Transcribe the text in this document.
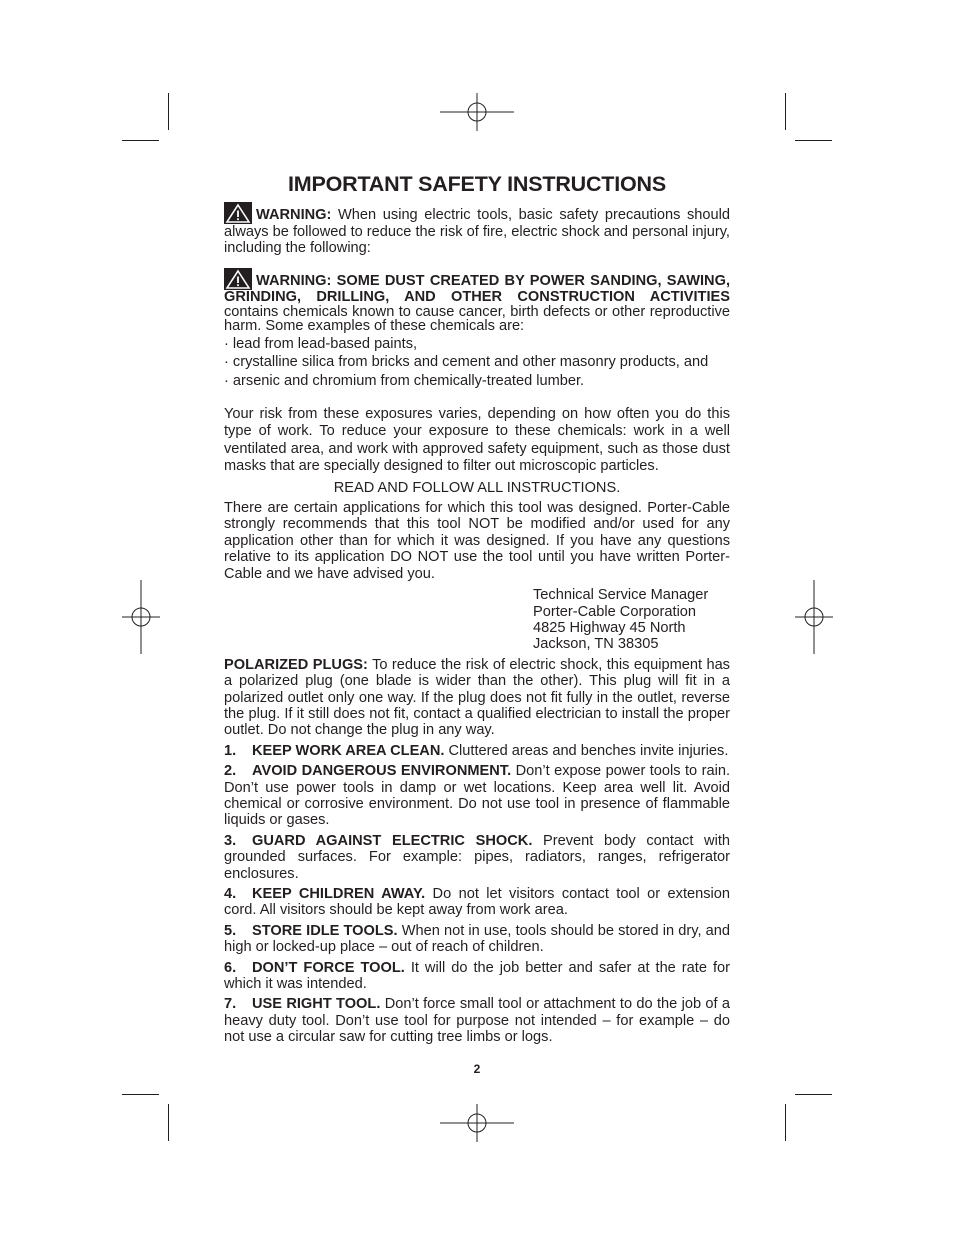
IMPORTANT SAFETY INSTRUCTIONS

WARNING: When using electric tools, basic safety precautions should always be followed to reduce the risk of fire, electric shock and personal injury, including the following:

WARNING: SOME DUST CREATED BY POWER SANDING, SAWING, GRINDING, DRILLING, AND OTHER CONSTRUCTION ACTIVITIES

contains chemicals known to cause cancer, birth defects or other reproductive harm. Some examples of these chemicals are:

· lead from lead-based paints,

· crystalline silica from bricks and cement and other masonry products, and

· arsenic and chromium from chemically-treated lumber.

Your risk from these exposures varies, depending on how often you do this type of work. To reduce your exposure to these chemicals: work in a well ventilated area, and work with approved safety equipment, such as those dust masks that are specially designed to filter out microscopic particles.

READ AND FOLLOW ALL INSTRUCTIONS.

There are certain applications for which this tool was designed. Porter-Cable strongly recommends that this tool NOT be modified and/or used for any application other than for which it was designed. If you have any questions relative to its application DO NOT use the tool until you have written Porter-Cable and we have advised you.

Technical Service Manager
Porter-Cable Corporation
4825 Highway 45 North
Jackson, TN 38305

POLARIZED PLUGS: To reduce the risk of electric shock, this equipment has a polarized plug (one blade is wider than the other). This plug will fit in a polarized outlet only one way. If the plug does not fit fully in the outlet, reverse the plug. If it still does not fit, contact a qualified electrician to install the proper outlet. Do not change the plug in any way.

1. KEEP WORK AREA CLEAN. Cluttered areas and benches invite injuries.

2. AVOID DANGEROUS ENVIRONMENT. Don’t expose power tools to rain. Don’t use power tools in damp or wet locations. Keep area well lit. Avoid chemical or corrosive environment. Do not use tool in presence of flammable liquids or gases.

3. GUARD AGAINST ELECTRIC SHOCK. Prevent body contact with grounded surfaces. For example: pipes, radiators, ranges, refrigerator enclosures.

4. KEEP CHILDREN AWAY. Do not let visitors contact tool or extension cord. All visitors should be kept away from work area.

5. STORE IDLE TOOLS. When not in use, tools should be stored in dry, and high or locked-up place – out of reach of children.

6. DON’T FORCE TOOL. It will do the job better and safer at the rate for which it was intended.

7. USE RIGHT TOOL. Don’t force small tool or attachment to do the job of a heavy duty tool. Don’t use tool for purpose not intended – for example – do not use a circular saw for cutting tree limbs or logs.

2
